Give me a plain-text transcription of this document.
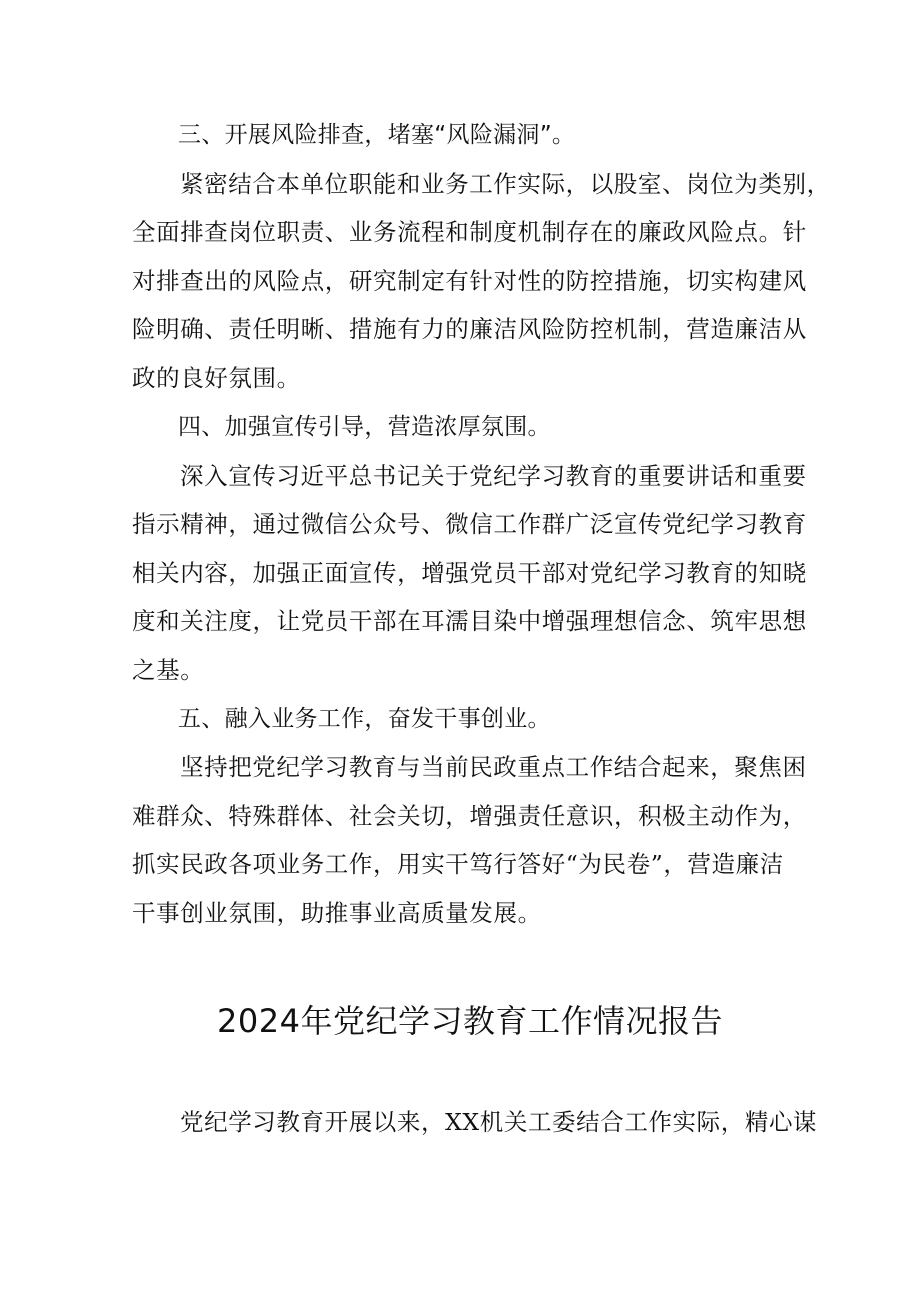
三、开展风险排查，堵塞“风险漏洞”。

紧密结合本单位职能和业务工作实际，以股室、岗位为类别，

全面排查岗位职责、业务流程和制度机制存在的廉政风险点。针

对排查出的风险点，研究制定有针对性的防控措施，切实构建风

险明确、责任明晰、措施有力的廉洁风险防控机制，营造廉洁从

政的良好氛围。

四、加强宣传引导，营造浓厚氛围。

深入宣传习近平总书记关于党纪学习教育的重要讲话和重要

指示精神，通过微信公众号、微信工作群广泛宣传党纪学习教育

相关内容，加强正面宣传，增强党员干部对党纪学习教育的知晓

度和关注度，让党员干部在耳濡目染中增强理想信念、筑牢思想

之基。

五、融入业务工作，奋发干事创业。

坚持把党纪学习教育与当前民政重点工作结合起来，聚焦困

难群众、特殊群体、社会关切，增强责任意识，积极主动作为，

抓实民政各项业务工作，用实干笃行答好“为民卷”，营造廉洁

干事创业氛围，助推事业高质量发展。

2024年党纪学习教育工作情况报告

党纪学习教育开展以来，XX机关工委结合工作实际，精心谋
